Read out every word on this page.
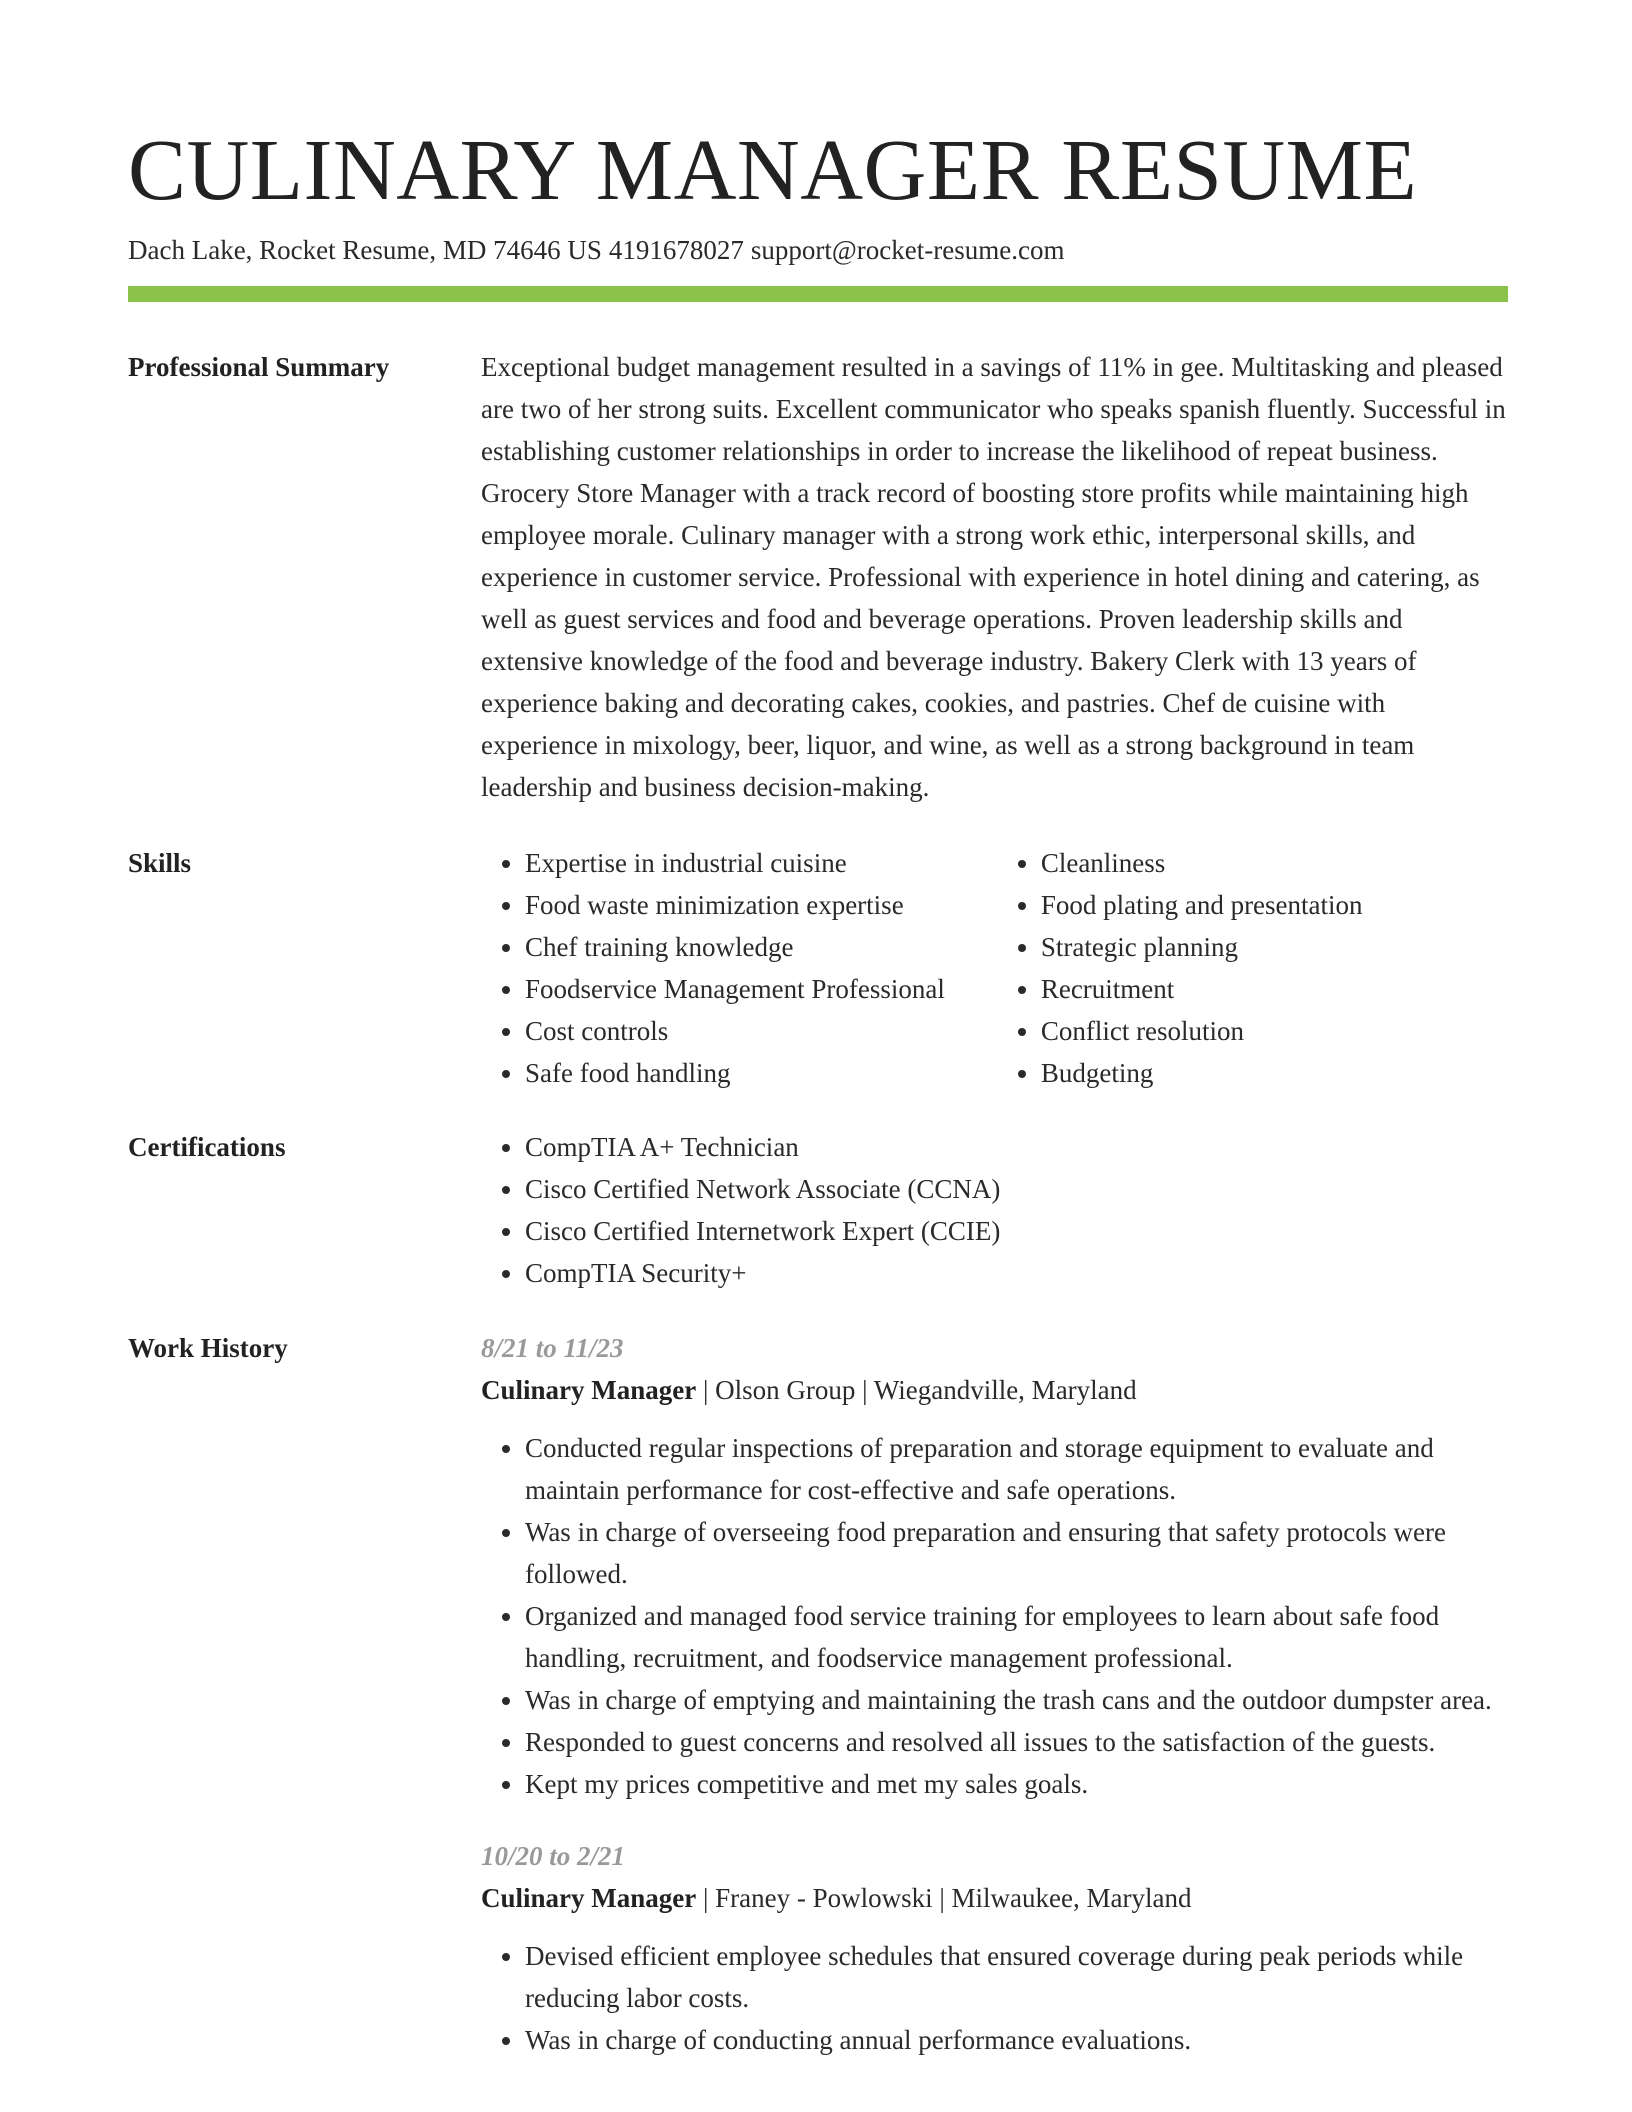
CULINARY MANAGER RESUME
Dach Lake, Rocket Resume, MD 74646 US 4191678027 support@rocket-resume.com
Professional Summary	Exceptional budget management resulted in a savings of 11% in gee. Multitasking and pleased are two of her strong suits. Excellent communicator who speaks spanish fluently. Successful in establishing customer relationships in order to increase the likelihood of repeat business. Grocery Store Manager with a track record of boosting store profits while maintaining high employee morale. Culinary manager with a strong work ethic, interpersonal skills, and experience in customer service. Professional with experience in hotel dining and catering, as well as guest services and food and beverage operations. Proven leadership skills and extensive knowledge of the food and beverage industry. Bakery Clerk with 13 years of experience baking and decorating cakes, cookies, and pastries. Chef de cuisine with experience in mixology, beer, liquor, and wine, as well as a strong background in team leadership and business decision-making.

Skills	• Expertise in industrial cuisine
• Food waste minimization expertise
• Chef training knowledge
• Foodservice Management Professional
• Cost controls
• Safe food handling
• Cleanliness
• Food plating and presentation
• Strategic planning
• Recruitment
• Conflict resolution
• Budgeting
Certifications	• CompTIA A+ Technician
• Cisco Certified Network Associate (CCNA)
• Cisco Certified Internetwork Expert (CCIE)
• CompTIA Security+
Work History	8/21 to 11/23
Culinary Manager | Olson Group | Wiegandville, Maryland
• Conducted regular inspections of preparation and storage equipment to evaluate and maintain performance for cost-effective and safe operations.
• Was in charge of overseeing food preparation and ensuring that safety protocols were followed.
• Organized and managed food service training for employees to learn about safe food handling, recruitment, and foodservice management professional.
• Was in charge of emptying and maintaining the trash cans and the outdoor dumpster area.
• Responded to guest concerns and resolved all issues to the satisfaction of the guests.
• Kept my prices competitive and met my sales goals.
10/20 to 2/21
Culinary Manager | Franey - Powlowski | Milwaukee, Maryland
• Devised efficient employee schedules that ensured coverage during peak periods while reducing labor costs.
• Was in charge of conducting annual performance evaluations.
